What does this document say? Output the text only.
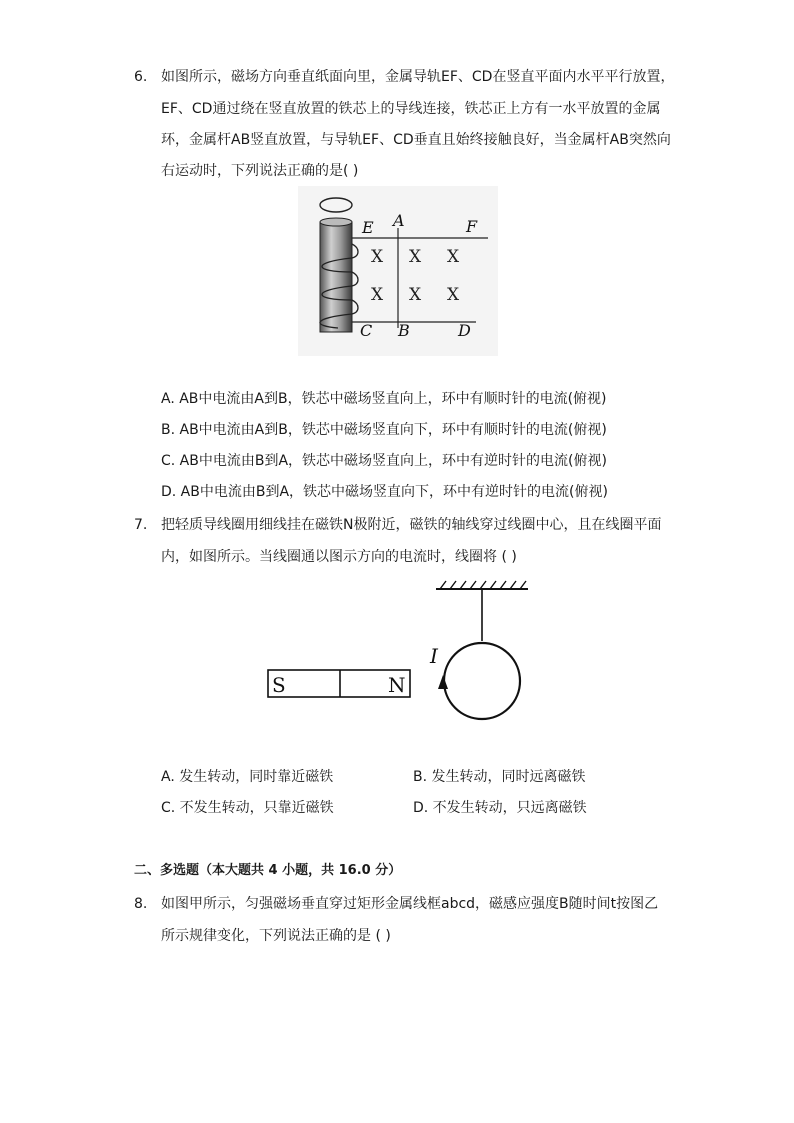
6. 如图所示，磁场方向垂直纸面向里，金属导轨EF、CD在竖直平面内水平平行放置，
EF、CD通过绕在竖直放置的铁芯上的导线连接，铁芯正上方有一水平放置的金属
环，金属杆AB竖直放置，与导轨EF、CD垂直且始终接触良好，当金属杆AB突然向
右运动时，下列说法正确的是( )
E A	F
C B	D
X X X
X X X
A. AB中电流由A到B，铁芯中磁场竖直向上，环中有顺时针的电流(俯视)
B. AB中电流由A到B，铁芯中磁场竖直向下，环中有顺时针的电流(俯视)
C. AB中电流由B到A，铁芯中磁场竖直向上，环中有逆时针的电流(俯视)
D. AB中电流由B到A，铁芯中磁场竖直向下，环中有逆时针的电流(俯视)
7. 把轻质导线圈用细线挂在磁铁N极附近，磁铁的轴线穿过线圈中心，且在线圈平面
内，如图所示。当线圈通以图示方向的电流时，线圈将 ( )
I
S	N
A. 发生转动，同时靠近磁铁	B. 发生转动，同时远离磁铁
C. 不发生转动，只靠近磁铁	D. 不发生转动，只远离磁铁
二、多选题（本大题共 4 小题，共 16.0 分）
8. 如图甲所示，匀强磁场垂直穿过矩形金属线框abcd，磁感应强度B随时间t按图乙
所示规律变化，下列说法正确的是 ( )
